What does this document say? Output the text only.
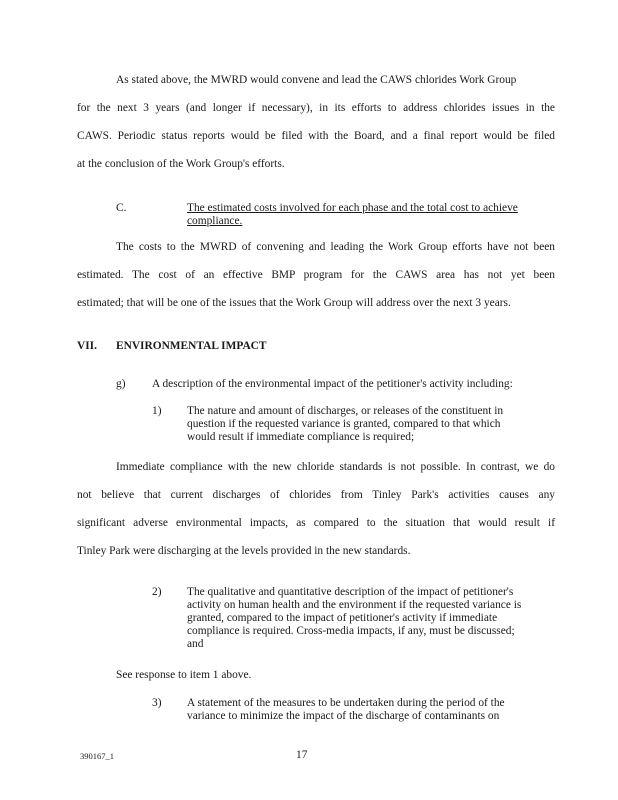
As stated above, the MWRD would convene and lead the CAWS chlorides Work Group
for the next 3 years (and longer if necessary), in its efforts to address chlorides issues in the
CAWS. Periodic status reports would be filed with the Board, and a final report would be filed
at the conclusion of the Work Group's efforts.
C.	The estimated costs involved for each phase and the total cost to achieve
compliance.
The costs to the MWRD of convening and leading the Work Group efforts have not been
estimated. The cost of an effective BMP program for the CAWS area has not yet been
estimated; that will be one of the issues that the Work Group will address over the next 3 years.
VII. ENVIRONMENTAL IMPACT
g) A description of the environmental impact of the petitioner's activity including:
1) The nature and amount of discharges, or releases of the constituent in
question if the requested variance is granted, compared to that which
would result if immediate compliance is required;
Immediate compliance with the new chloride standards is not possible. In contrast, we do
not believe that current discharges of chlorides from Tinley Park's activities causes any
significant adverse environmental impacts, as compared to the situation that would result if
Tinley Park were discharging at the levels provided in the new standards.
2) The qualitative and quantitative description of the impact of petitioner's
activity on human health and the environment if the requested variance is
granted, compared to the impact of petitioner's activity if immediate
compliance is required. Cross-media impacts, if any, must be discussed;
and
See response to item 1 above.
3) A statement of the measures to be undertaken during the period of the
variance to minimize the impact of the discharge of contaminants on
390167_1	17
